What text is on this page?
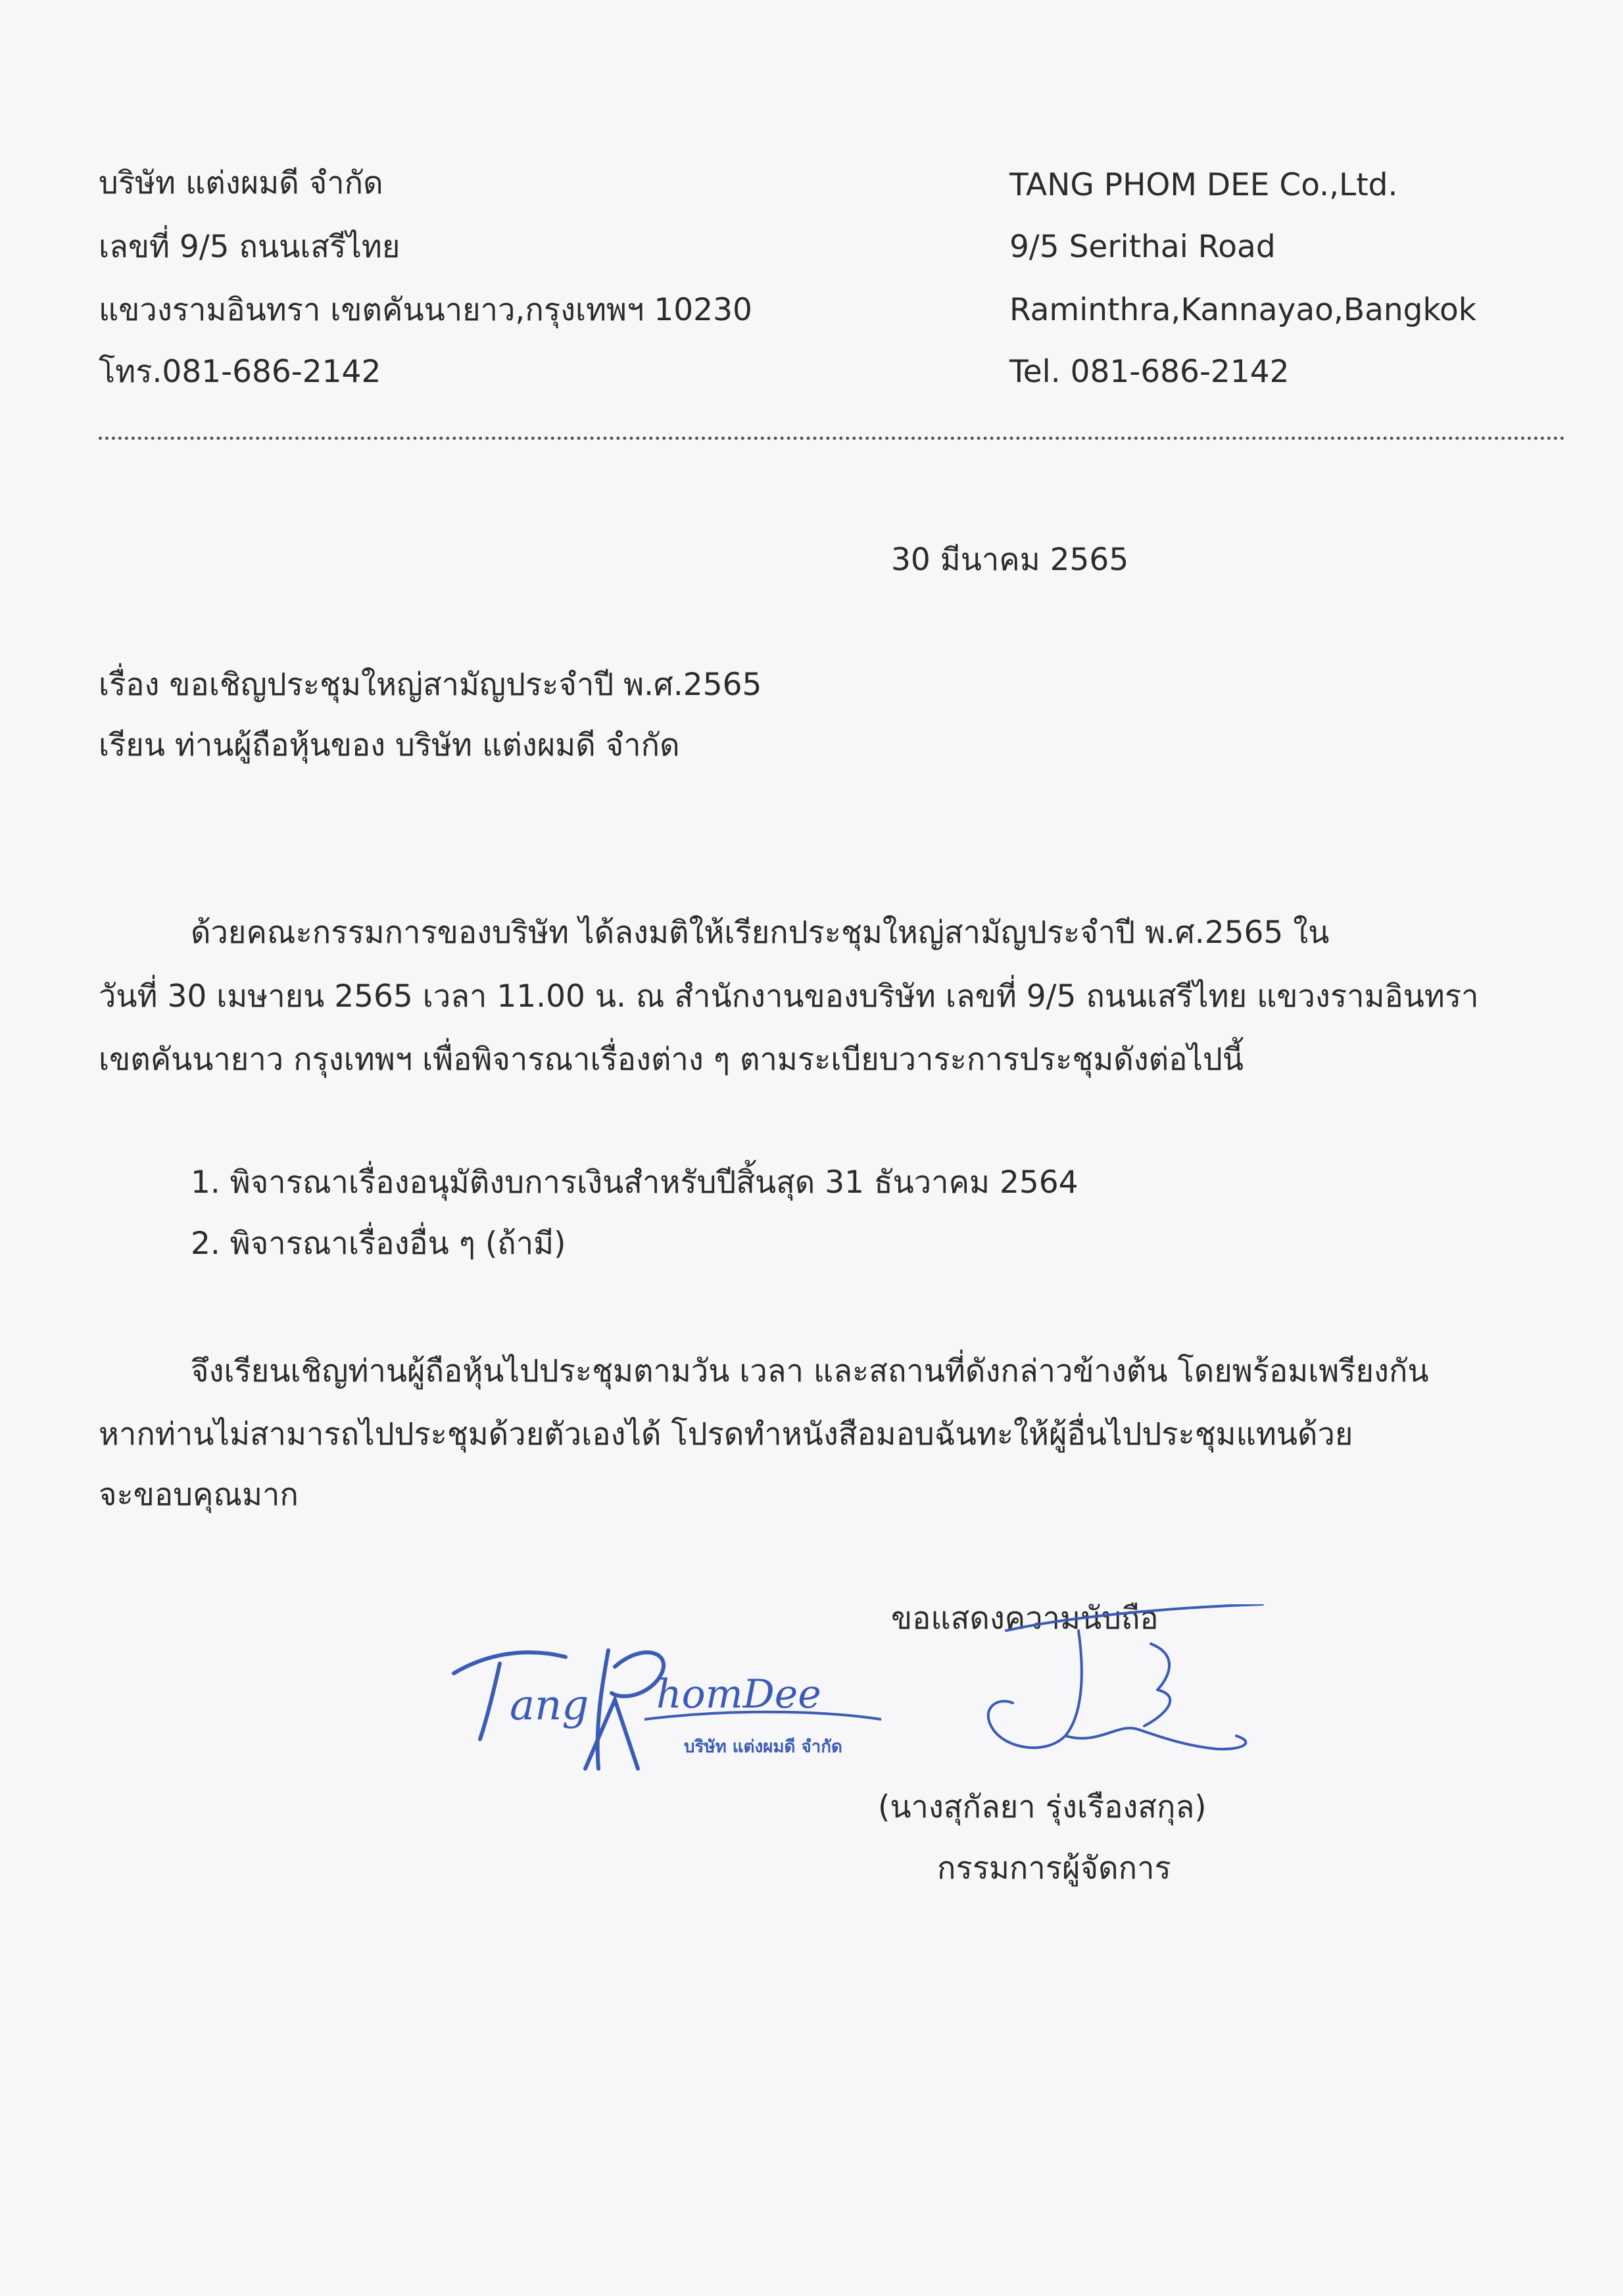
บริษัท แต่งผมดี จำกัด
เลขที่ 9/5 ถนนเสรีไทย
แขวงรามอินทรา เขตคันนายาว,กรุงเทพฯ 10230
โทร.081-686-2142
TANG PHOM DEE Co.,Ltd.
9/5 Serithai Road
Raminthra,Kannayao,Bangkok
Tel. 081-686-2142
30 มีนาคม 2565
เรื่อง ขอเชิญประชุมใหญ่สามัญประจำปี พ.ศ.2565
เรียน ท่านผู้ถือหุ้นของ บริษัท แต่งผมดี จำกัด
ด้วยคณะกรรมการของบริษัท ได้ลงมติให้เรียกประชุมใหญ่สามัญประจำปี พ.ศ.2565 ใน
วันที่ 30 เมษายน 2565 เวลา 11.00 น. ณ สำนักงานของบริษัท เลขที่ 9/5 ถนนเสรีไทย แขวงรามอินทรา
เขตคันนายาว กรุงเทพฯ เพื่อพิจารณาเรื่องต่าง ๆ ตามระเบียบวาระการประชุมดังต่อไปนี้
1. พิจารณาเรื่องอนุมัติงบการเงินสำหรับปีสิ้นสุด 31 ธันวาคม 2564
2. พิจารณาเรื่องอื่น ๆ (ถ้ามี)
จึงเรียนเชิญท่านผู้ถือหุ้นไปประชุมตามวัน เวลา และสถานที่ดังกล่าวข้างต้น โดยพร้อมเพรียงกัน
หากท่านไม่สามารถไปประชุมด้วยตัวเองได้ โปรดทำหนังสือมอบฉันทะให้ผู้อื่นไปประชุมแทนด้วย
จะขอบคุณมาก
ขอแสดงความนับถือ
ang homDee
บริษัท แต่งผมดี จำกัด
(นางสุกัลยา รุ่งเรืองสกุล)
กรรมการผู้จัดการ
